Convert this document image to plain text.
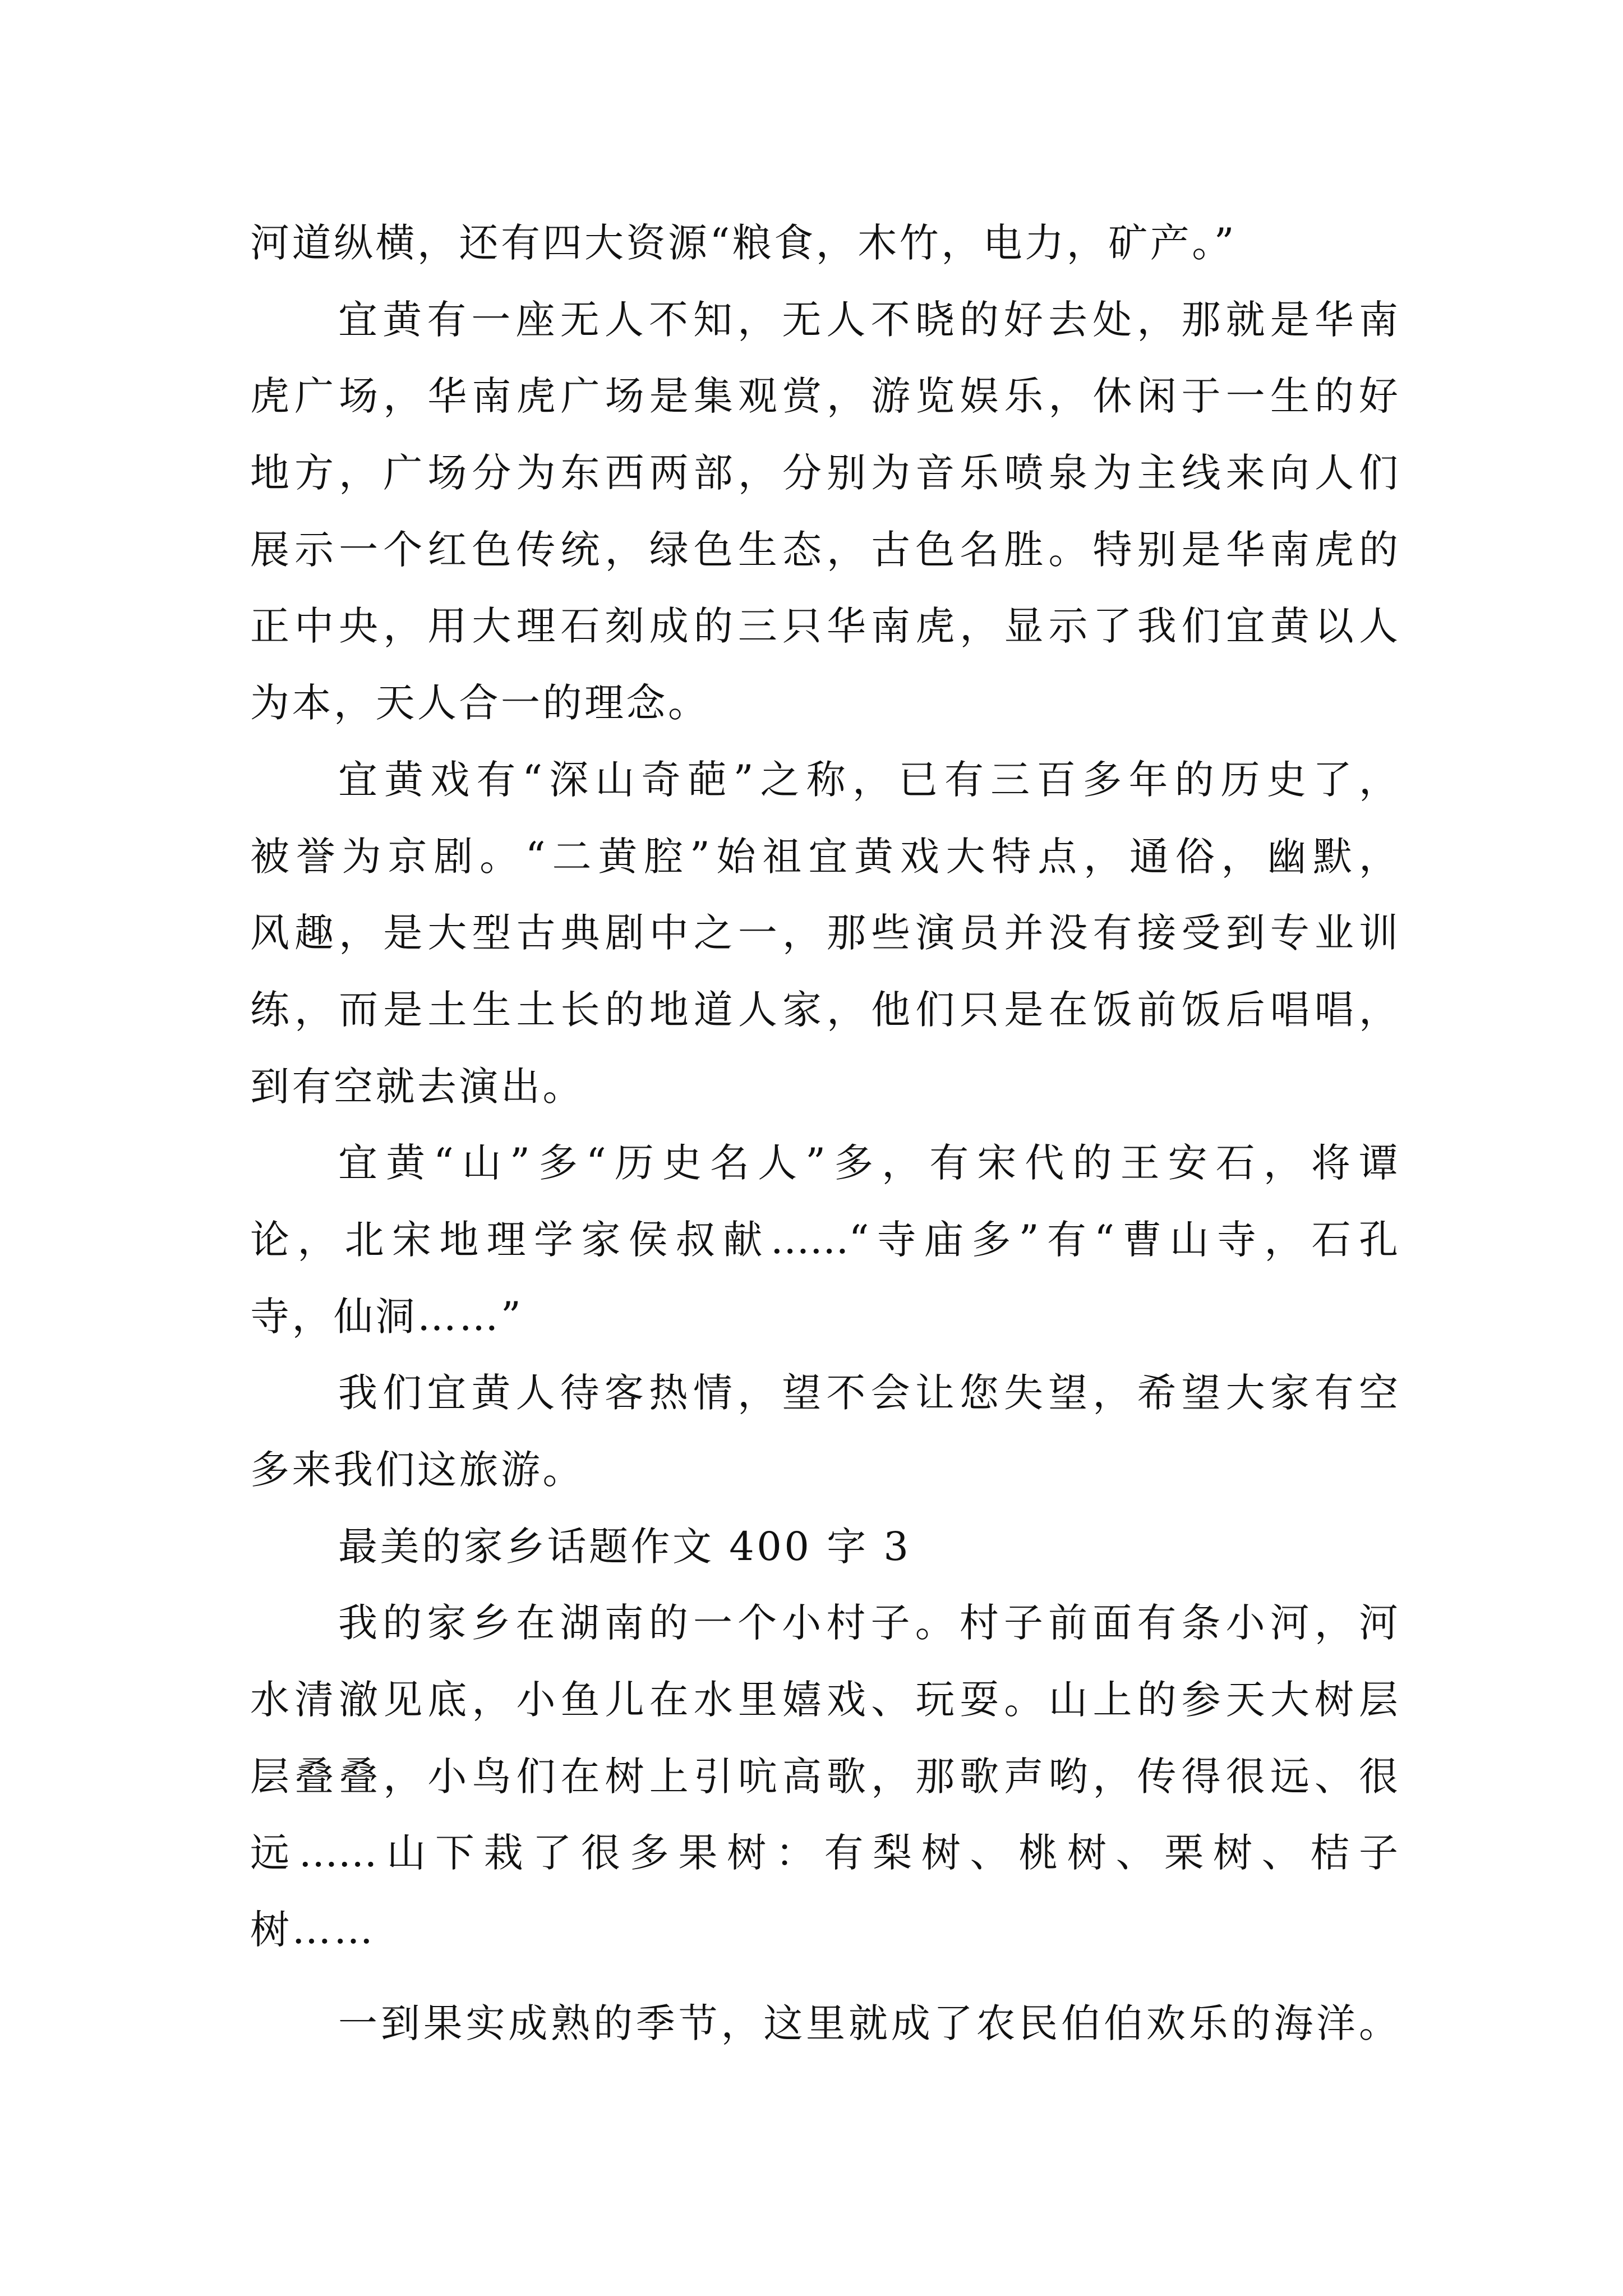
河道纵横，还有四大资源“粮食，木竹，电力，矿产。”
宜黄有一座无人不知，无人不晓的好去处，那就是华南
虎广场，华南虎广场是集观赏，游览娱乐，休闲于一生的好
地方，广场分为东西两部，分别为音乐喷泉为主线来向人们
展示一个红色传统，绿色生态，古色名胜。特别是华南虎的
正中央，用大理石刻成的三只华南虎，显示了我们宜黄以人
为本，天人合一的理念。
宜黄戏有“深山奇葩”之称，已有三百多年的历史了，
被誉为京剧。“二黄腔”始祖宜黄戏大特点，通俗，幽默，
风趣，是大型古典剧中之一，那些演员并没有接受到专业训
练，而是土生土长的地道人家，他们只是在饭前饭后唱唱，
到有空就去演出。
宜黄“山”多“历史名人”多，有宋代的王安石，将谭
论，北宋地理学家侯叔献……“寺庙多”有“曹山寺，石孔
寺，仙洞……”
我们宜黄人待客热情，望不会让您失望，希望大家有空
多来我们这旅游。
最美的家乡话题作文 400 字 3
我的家乡在湖南的一个小村子。村子前面有条小河，河
水清澈见底，小鱼儿在水里嬉戏、玩耍。山上的参天大树层
层叠叠，小鸟们在树上引吭高歌，那歌声哟，传得很远、很
远……山下栽了很多果树：有梨树、桃树、栗树、桔子
树……
一到果实成熟的季节，这里就成了农民伯伯欢乐的海洋。
